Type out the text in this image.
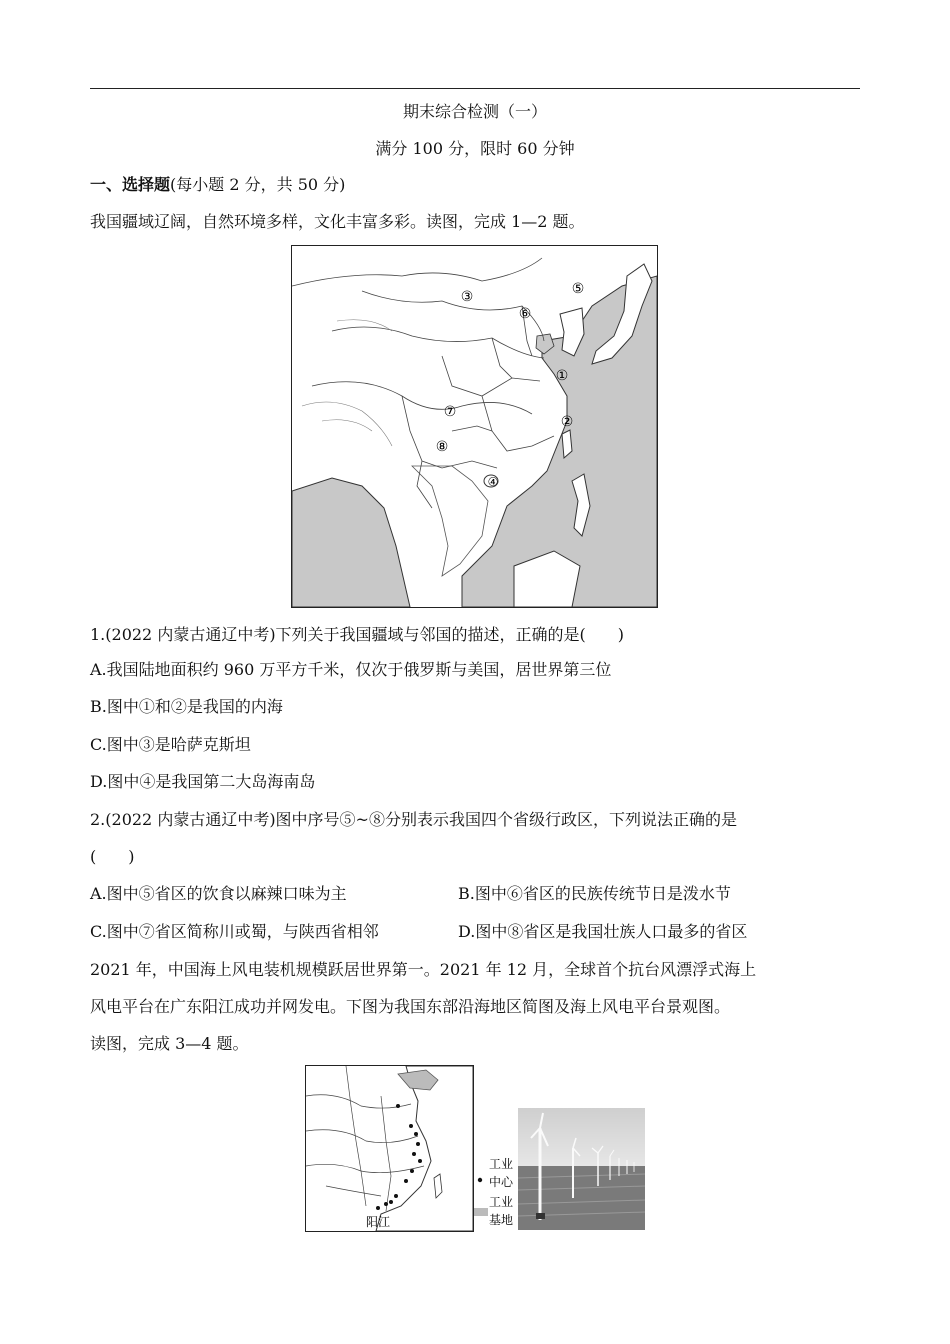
期末综合检测（一）
满分 100 分，限时 60 分钟
一、选择题(每小题 2 分，共 50 分)
我国疆域辽阔，自然环境多样，文化丰富多彩。读图，完成 1—2 题。
③	⑤
⑥
①
②
⑦
⑧
④
1.(2022 内蒙古通辽中考)下列关于我国疆域与邻国的描述，正确的是(　　)
A.我国陆地面积约 960 万平方千米，仅次于俄罗斯与美国，居世界第三位
B.图中①和②是我国的内海
C.图中③是哈萨克斯坦
D.图中④是我国第二大岛海南岛
2.(2022 内蒙古通辽中考)图中序号⑤~⑧分别表示我国四个省级行政区，下列说法正确的是
(　　)
A.图中⑤省区的饮食以麻辣口味为主	B.图中⑥省区的民族传统节日是泼水节
C.图中⑦省区简称川或蜀，与陕西省相邻	D.图中⑧省区是我国壮族人口最多的省区
2021 年，中国海上风电装机规模跃居世界第一。2021 年 12 月，全球首个抗台风漂浮式海上
风电平台在广东阳江成功并网发电。下图为我国东部沿海地区简图及海上风电平台景观图。
读图，完成 3—4 题。
阳江
工业
中心
工业
基地
